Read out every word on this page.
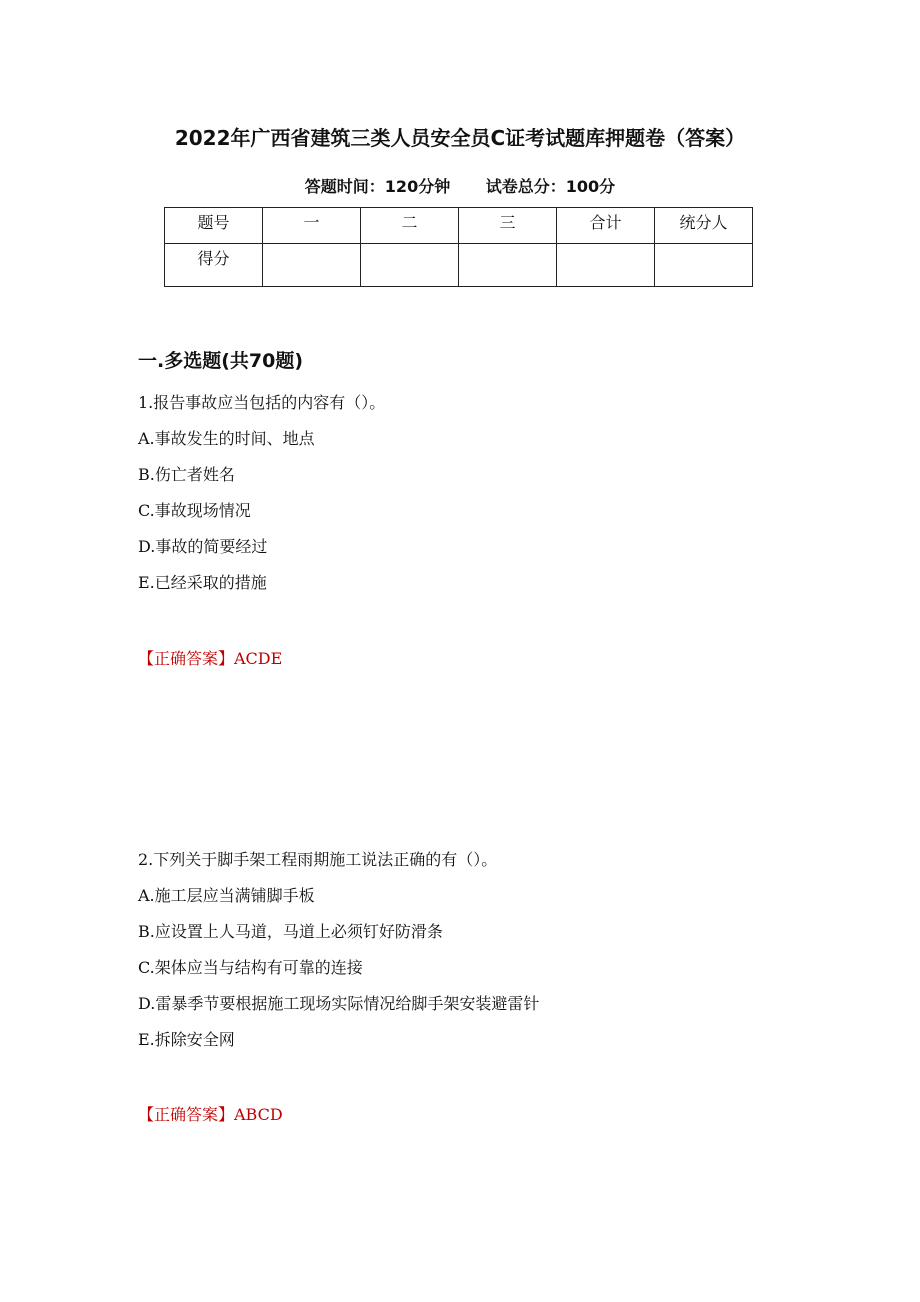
2022年广西省建筑三类人员安全员C证考试题库押题卷（答案）
答题时间：120分钟 试卷总分：100分
题号	一	二	三	合计	统分人
得分					
一.多选题(共70题)
1.报告事故应当包括的内容有（）。
A.事故发生的时间、地点
B.伤亡者姓名
C.事故现场情况
D.事故的简要经过
E.已经采取的措施
【正确答案】ACDE
2.下列关于脚手架工程雨期施工说法正确的有（）。
A.施工层应当满铺脚手板
B.应设置上人马道，马道上必须钉好防滑条
C.架体应当与结构有可靠的连接
D.雷暴季节要根据施工现场实际情况给脚手架安装避雷针
E.拆除安全网
【正确答案】ABCD
